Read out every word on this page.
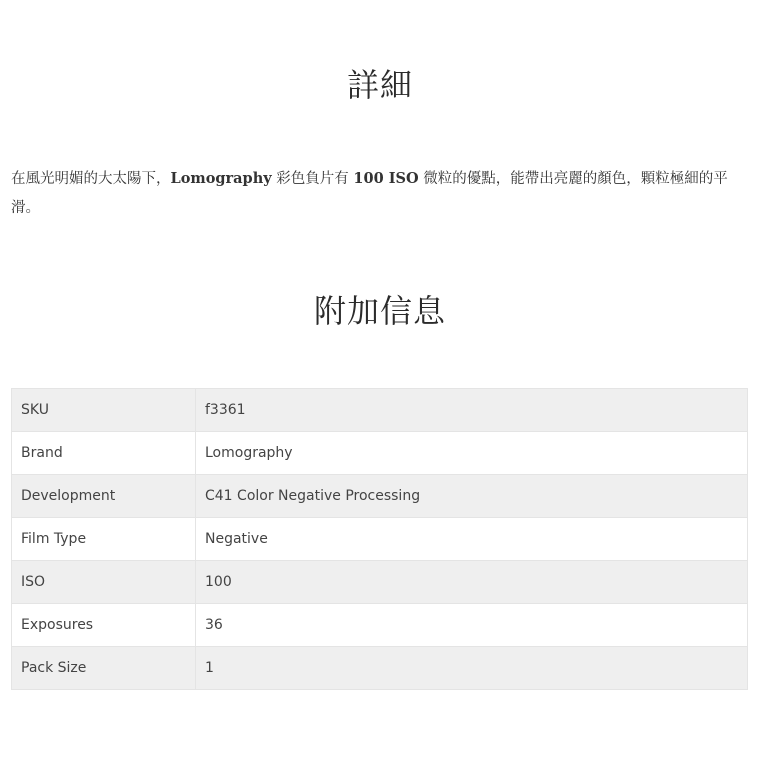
詳細

在風光明媚的大太陽下，Lomography 彩色負片有 100 ISO 微粒的優點，能帶出亮麗的顏色，顆粒極細的平滑。

附加信息
SKU	f3361
Brand	Lomography
Development	C41 Color Negative Processing
Film Type	Negative
ISO	100
Exposures	36
Pack Size	1
